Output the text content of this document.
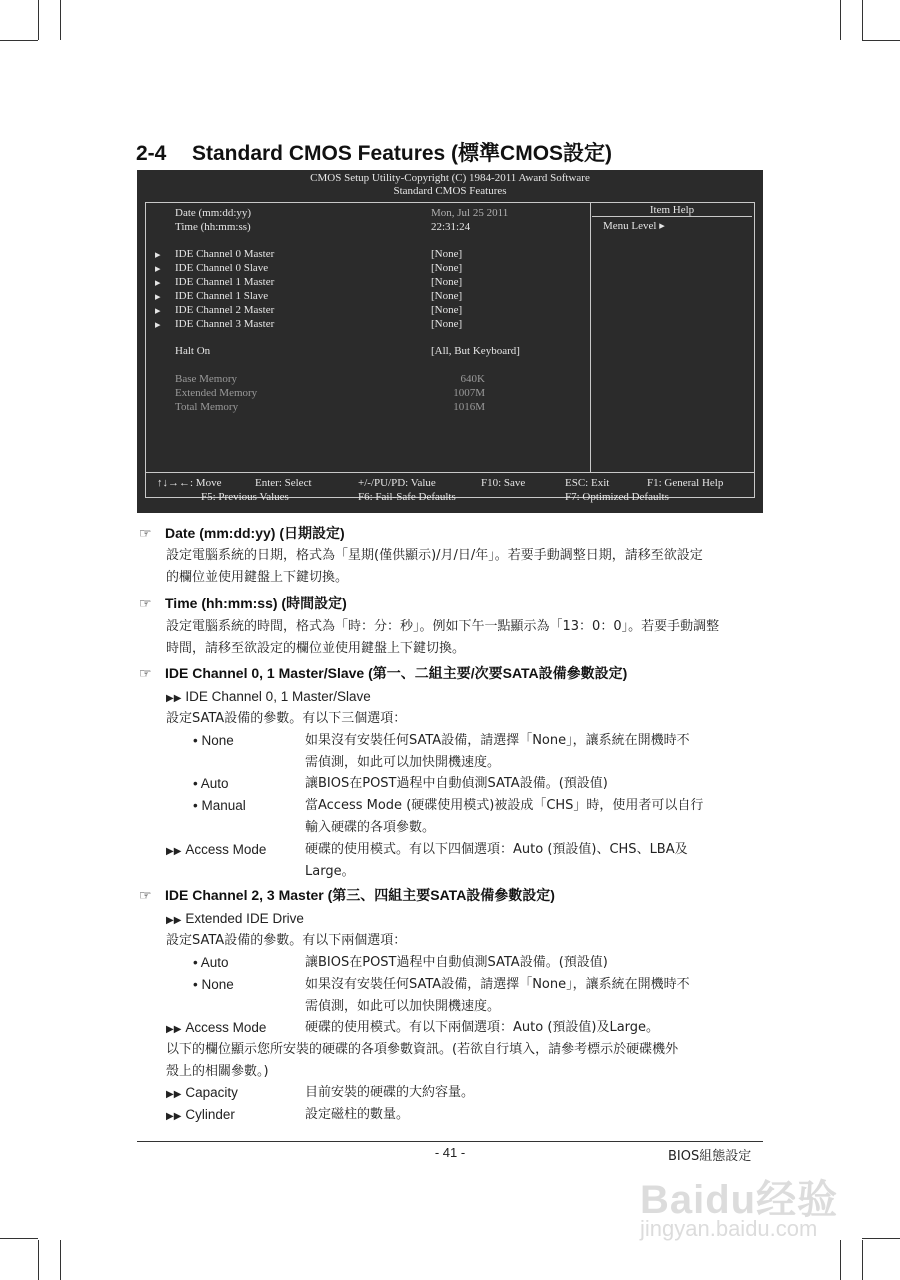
2-4 Standard CMOS Features (標準CMOS設定)
CMOS Setup Utility-Copyright (C) 1984-2011 Award Software
Standard CMOS Features
Item Help
Menu Level ▸
Date (mm:dd:yy)	Mon, Jul 25 2011
Time (hh:mm:ss)	22:31:24
▸ IDE Channel 0 Master	[None]
▸ IDE Channel 0 Slave	[None]
▸ IDE Channel 1 Master	[None]
▸ IDE Channel 1 Slave	[None]
▸ IDE Channel 2 Master	[None]
▸ IDE Channel 3 Master	[None]
Halt On	[All, But Keyboard]
Base Memory	640K
Extended Memory	1007M
Total Memory	1016M
↑↓→←: Move	Enter: Select	+/-/PU/PD: Value	F10: Save	ESC: Exit	F1: General Help
F5: Previous Values	F6: Fail-Safe Defaults	F7: Optimized Defaults
☞ Date (mm:dd:yy) (日期設定)
設定電腦系統的日期，格式為「星期(僅供顯示)/月/日/年」。若要手動調整日期，請移至欲設定
的欄位並使用鍵盤上下鍵切換。
☞ Time (hh:mm:ss) (時間設定)
設定電腦系統的時間，格式為「時：分：秒」。例如下午一點顯示為「13：0：0」。若要手動調整
時間，請移至欲設定的欄位並使用鍵盤上下鍵切換。
☞ IDE Channel 0, 1 Master/Slave (第一、二組主要/次要SATA設備參數設定)
▶▶ IDE Channel 0, 1 Master/Slave
設定SATA設備的參數。有以下三個選項：
• None	如果沒有安裝任何SATA設備，請選擇「None」，讓系統在開機時不
需偵測，如此可以加快開機速度。
• Auto	讓BIOS在POST過程中自動偵測SATA設備。(預設值)
• Manual	當Access Mode (硬碟使用模式)被設成「CHS」時，使用者可以自行
輸入硬碟的各項參數。
▶▶ Access Mode	硬碟的使用模式。有以下四個選項：Auto (預設值)、CHS、LBA及
Large。
☞ IDE Channel 2, 3 Master (第三、四組主要SATA設備參數設定)
▶▶ Extended IDE Drive
設定SATA設備的參數。有以下兩個選項：
• Auto	讓BIOS在POST過程中自動偵測SATA設備。(預設值)
• None	如果沒有安裝任何SATA設備，請選擇「None」，讓系統在開機時不
需偵測，如此可以加快開機速度。
▶▶ Access Mode	硬碟的使用模式。有以下兩個選項：Auto (預設值)及Large。
以下的欄位顯示您所安裝的硬碟的各項參數資訊。(若欲自行填入，請參考標示於硬碟機外
殼上的相關參數。)
▶▶ Capacity	目前安裝的硬碟的大約容量。
▶▶ Cylinder	設定磁柱的數量。
- 41 -	BIOS組態設定
Baidu经验
jingyan.baidu.com
